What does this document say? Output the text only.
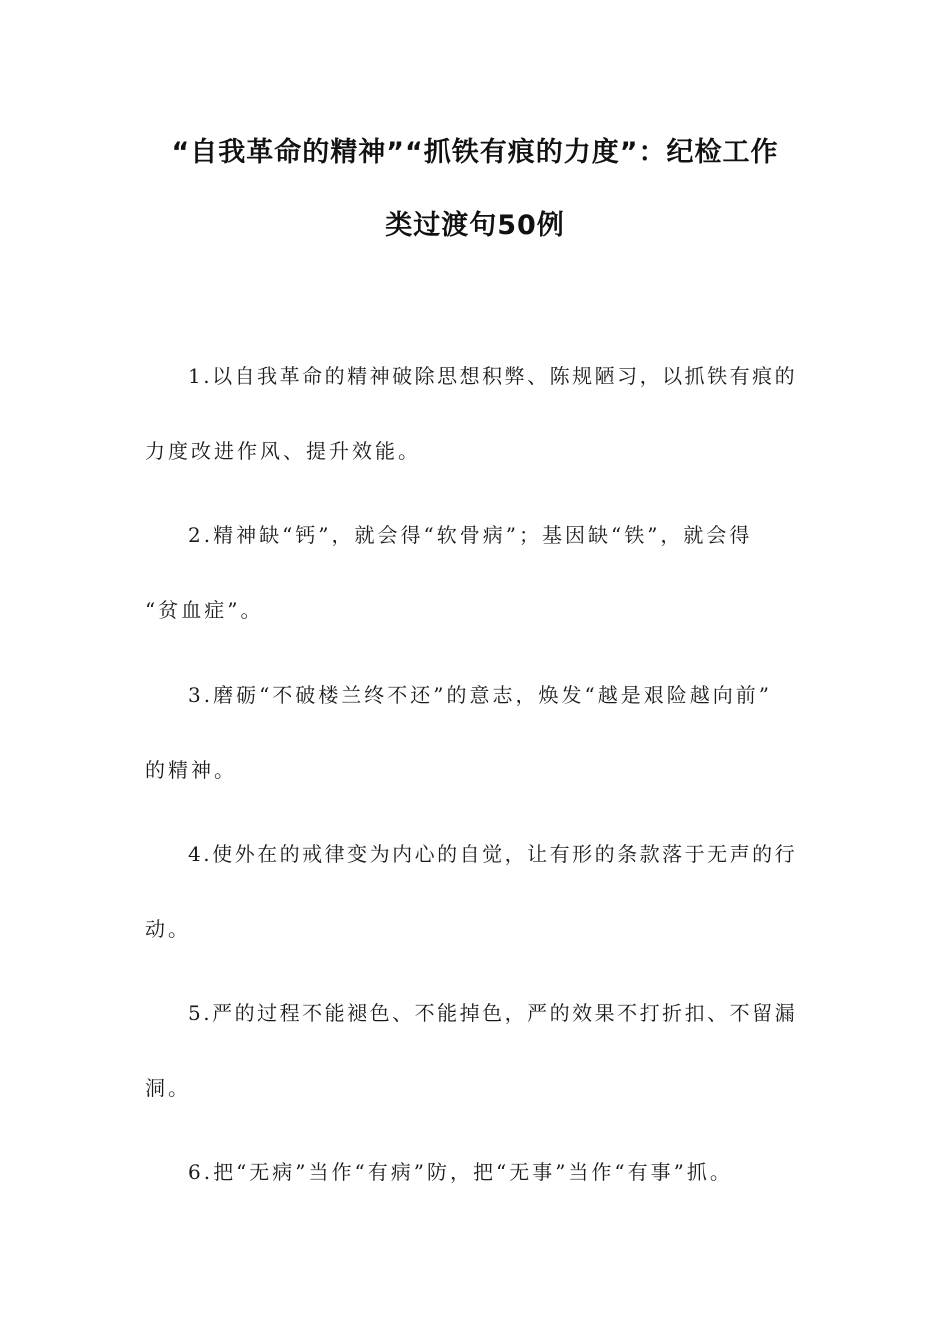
“自我革命的精神”“抓铁有痕的力度”：纪检工作
类过渡句50例
1.以自我革命的精神破除思想积弊、陈规陋习，以抓铁有痕的
力度改进作风、提升效能。
2.精神缺“钙”，就会得“软骨病”；基因缺“铁”，就会得
“贫血症”。
3.磨砺“不破楼兰终不还”的意志，焕发“越是艰险越向前”
的精神。
4.使外在的戒律变为内心的自觉，让有形的条款落于无声的行
动。
5.严的过程不能褪色、不能掉色，严的效果不打折扣、不留漏
洞。
6.把“无病”当作“有病”防，把“无事”当作“有事”抓。
